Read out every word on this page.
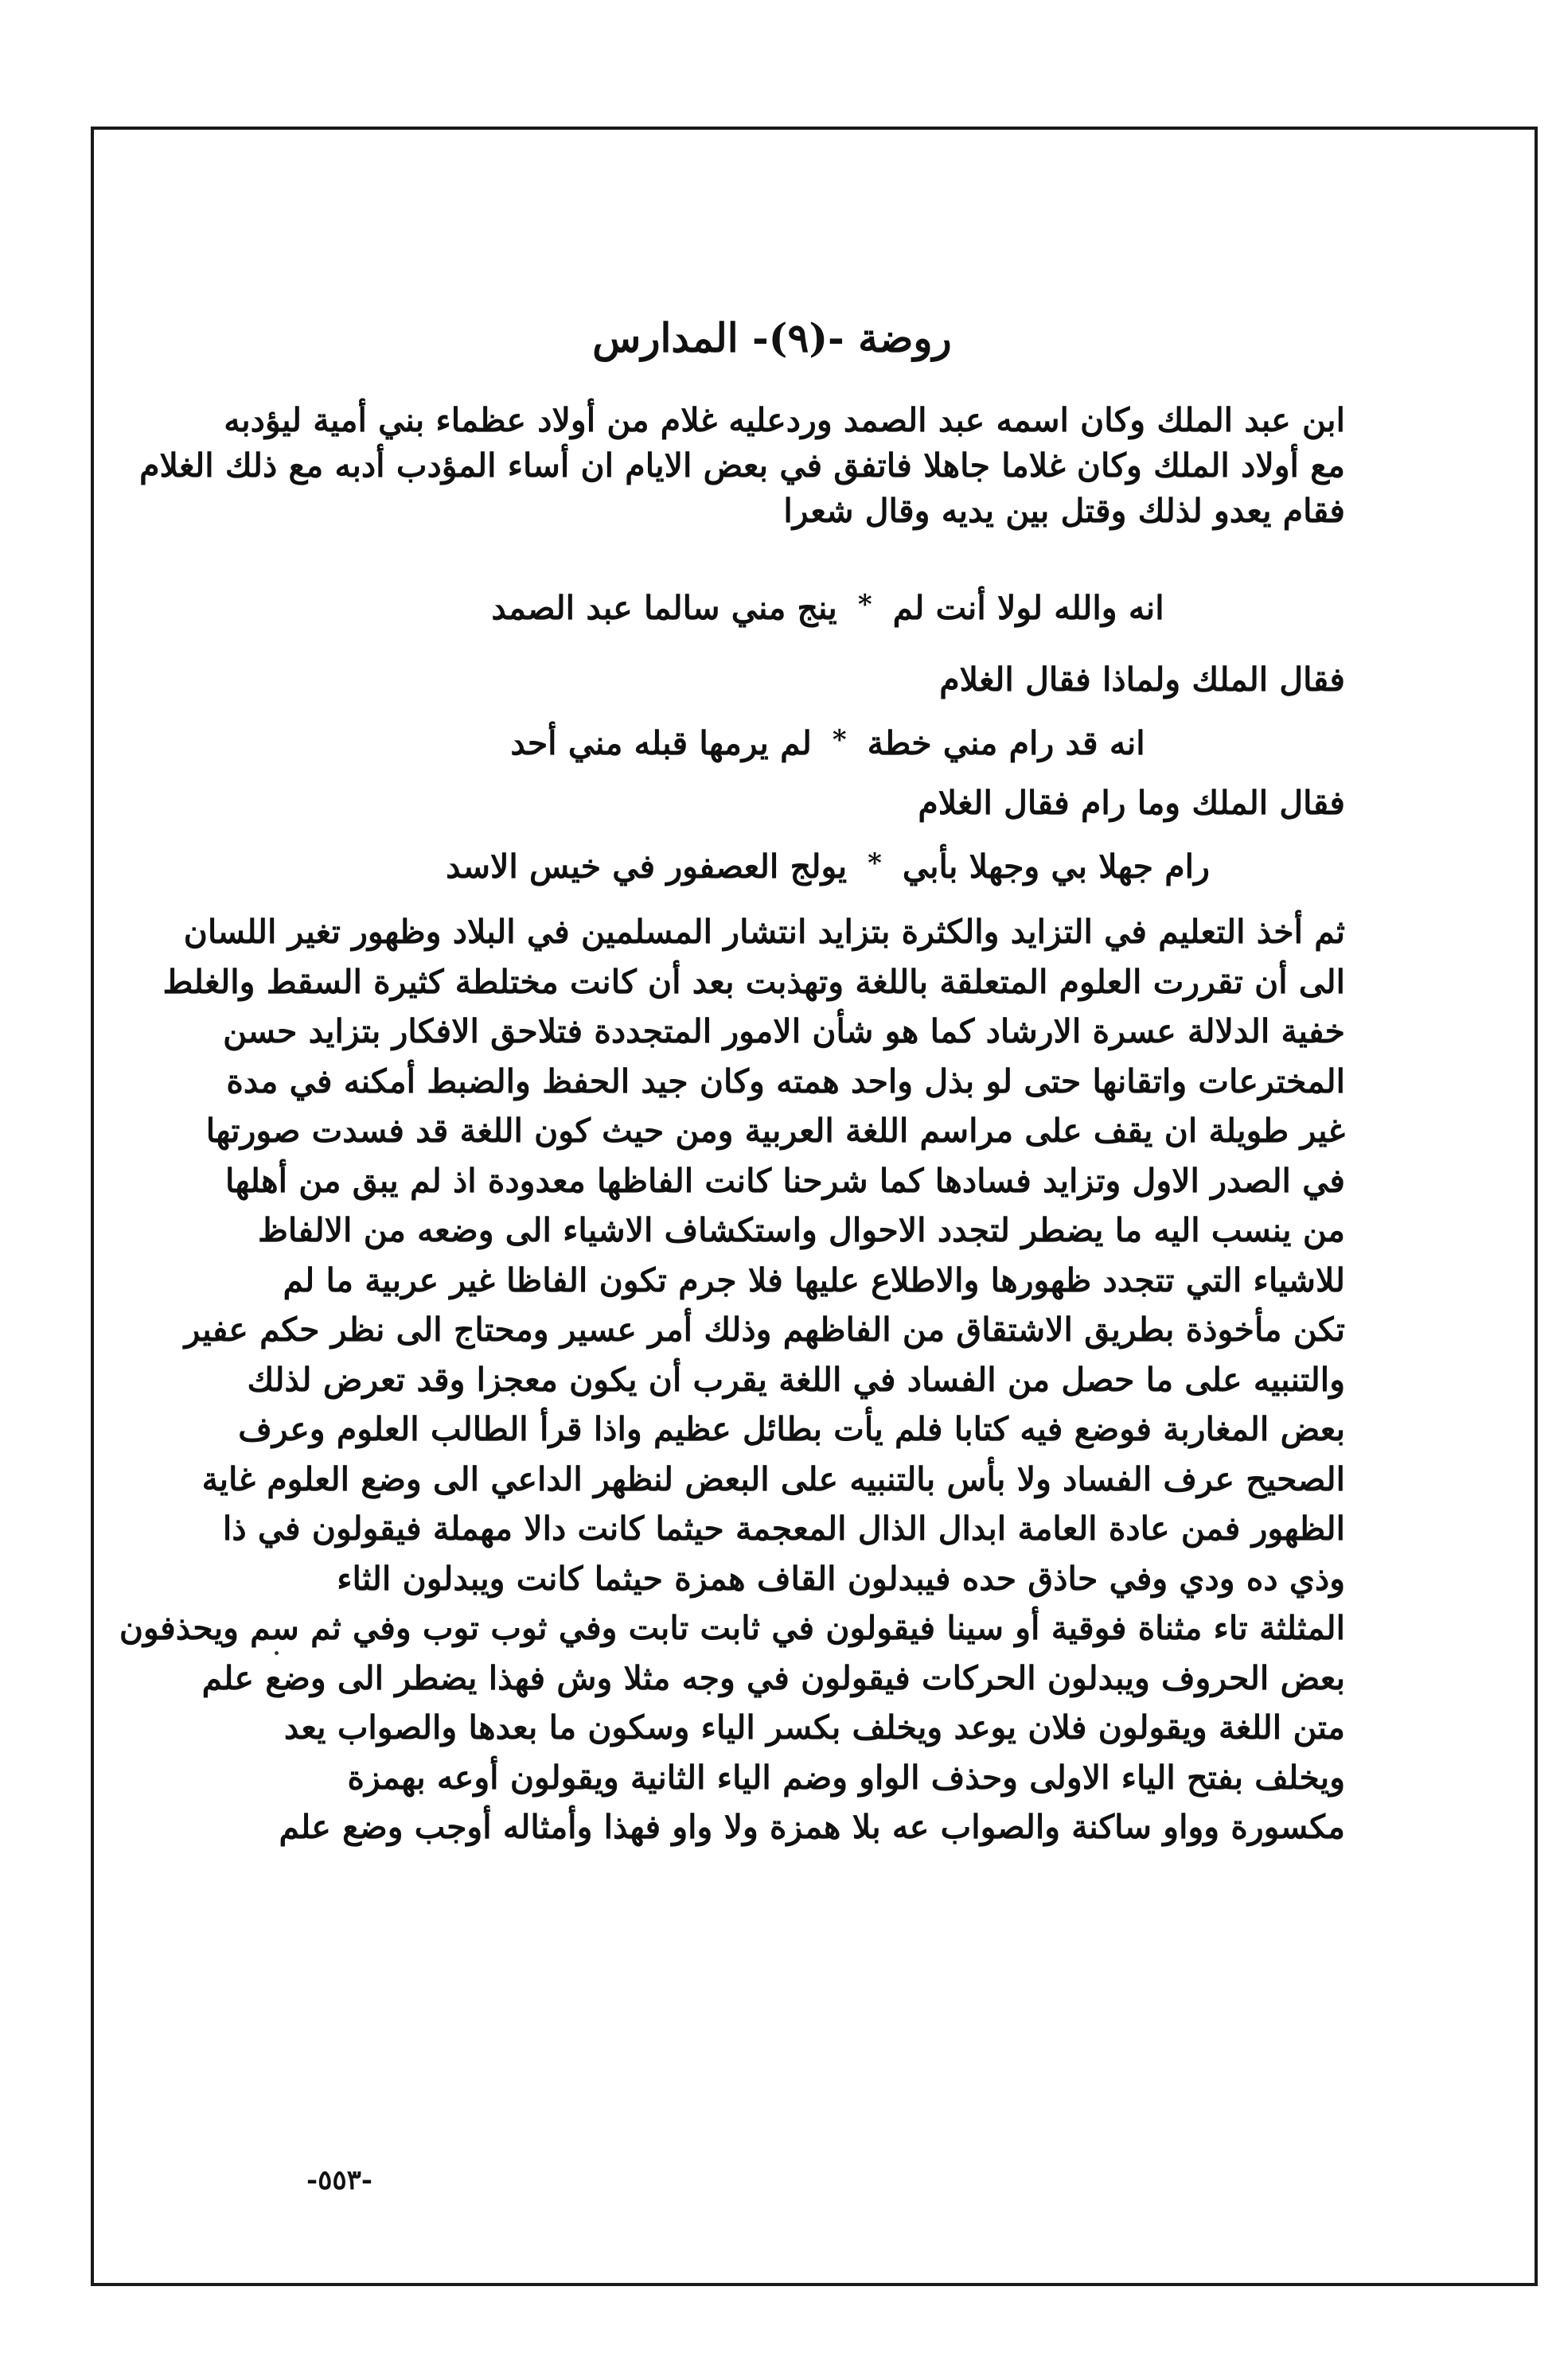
روضة -(٩)- المدارس
ابن عبد الملك وكان اسمه عبد الصمد وردعليه غلام من أولاد عظماء بني أمية ليؤدبه
مع أولاد الملك وكان غلاما جاهلا فاتفق في بعض الايام ان أساء المؤدب أدبه مع ذلك الغلام
فقام يعدو لذلك وقتل بين يديه وقال شعرا
انه والله لولا أنت لم
*
ينج مني سالما عبد الصمد
فقال الملك ولماذا فقال الغلام
انه قد رام مني خطة
*
لم يرمها قبله مني أحد
فقال الملك وما رام فقال الغلام
رام جهلا بي وجهلا بأبي
*
يولج العصفور في خيس الاسد
ثم أخذ التعليم في التزايد والكثرة بتزايد انتشار المسلمين في البلاد وظهور تغير اللسان
الى أن تقررت العلوم المتعلقة باللغة وتهذبت بعد أن كانت مختلطة كثيرة السقط والغلط
خفية الدلالة عسرة الارشاد كما هو شأن الامور المتجددة فتلاحق الافكار بتزايد حسن
المخترعات واتقانها حتى لو بذل واحد همته وكان جيد الحفظ والضبط أمكنه في مدة
غير طويلة ان يقف على مراسم اللغة العربية ومن حيث كون اللغة قد فسدت صورتها
في الصدر الاول وتزايد فسادها كما شرحنا كانت الفاظها معدودة اذ لم يبق من أهلها
من ينسب اليه ما يضطر لتجدد الاحوال واستكشاف الاشياء الى وضعه من الالفاظ
للاشياء التي تتجدد ظهورها والاطلاع عليها فلا جرم تكون الفاظا غير عربية ما لم
تكن مأخوذة بطريق الاشتقاق من الفاظهم وذلك أمر عسير ومحتاج الى نظر حكم عفير
والتنبيه على ما حصل من الفساد في اللغة يقرب أن يكون معجزا وقد تعرض لذلك
بعض المغاربة فوضع فيه كتابا فلم يأت بطائل عظيم واذا قرأ الطالب العلوم وعرف
الصحيح عرف الفساد ولا بأس بالتنبيه على البعض لنظهر الداعي الى وضع العلوم غاية
الظهور فمن عادة العامة ابدال الذال المعجمة حيثما كانت دالا مهملة فيقولون في ذا
وذي ده ودي وفي حاذق حده فيبدلون القاف همزة حيثما كانت ويبدلون الثاء
المثلثة تاء مثناة فوقية أو سينا فيقولون في ثابت تابت وفي ثوب توب وفي ثم سم ويحذفون
بعض الحروف ويبدلون الحركات فيقولون في وجه مثلا وش فهذا يضطر الى وضع علم
متن اللغة ويقولون فلان يوعد ويخلف بكسر الياء وسكون ما بعدها والصواب يعد
ويخلف بفتح الياء الاولى وحذف الواو وضم الياء الثانية ويقولون أوعه بهمزة
مكسورة وواو ساكنة والصواب عه بلا همزة ولا واو فهذا وأمثاله أوجب وضع علم
-٥٥٣-
